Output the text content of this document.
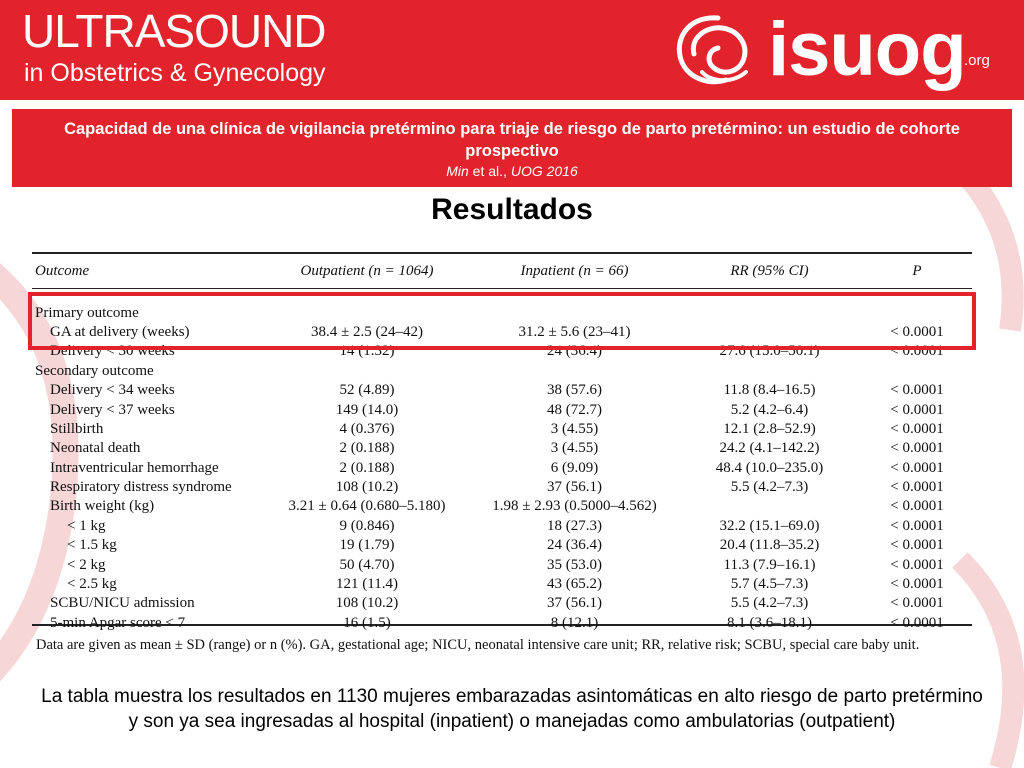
ULTRASOUND
in Obstetrics & Gynecology	isuog
.org
Capacidad de una clínica de vigilancia pretérmino para triaje de riesgo de parto pretérmino: un estudio de cohorte prospectivo
Min et al., UOG 2016
Resultados
Outcome	Outpatient (n = 1064)	Inpatient (n = 66)	RR (95% CI)	P

Primary outcome				
GA at delivery (weeks)	38.4 ± 2.5 (24–42)	31.2 ± 5.6 (23–41)		< 0.0001
Delivery < 30 weeks	14 (1.32)	24 (36.4)	27.6 (15.0–50.1)	< 0.0001
Secondary outcome				
Delivery < 34 weeks	52 (4.89)	38 (57.6)	11.8 (8.4–16.5)	< 0.0001
Delivery < 37 weeks	149 (14.0)	48 (72.7)	5.2 (4.2–6.4)	< 0.0001
Stillbirth	4 (0.376)	3 (4.55)	12.1 (2.8–52.9)	< 0.0001
Neonatal death	2 (0.188)	3 (4.55)	24.2 (4.1–142.2)	< 0.0001
Intraventricular hemorrhage	2 (0.188)	6 (9.09)	48.4 (10.0–235.0)	< 0.0001
Respiratory distress syndrome	108 (10.2)	37 (56.1)	5.5 (4.2–7.3)	< 0.0001
Birth weight (kg)	3.21 ± 0.64 (0.680–5.180)	1.98 ± 2.93 (0.5000–4.562)		< 0.0001
< 1 kg	9 (0.846)	18 (27.3)	32.2 (15.1–69.0)	< 0.0001
< 1.5 kg	19 (1.79)	24 (36.4)	20.4 (11.8–35.2)	< 0.0001
< 2 kg	50 (4.70)	35 (53.0)	11.3 (7.9–16.1)	< 0.0001
< 2.5 kg	121 (11.4)	43 (65.2)	5.7 (4.5–7.3)	< 0.0001
SCBU/NICU admission	108 (10.2)	37 (56.1)	5.5 (4.2–7.3)	< 0.0001
5-min Apgar score < 7	16 (1.5)	8 (12.1)	8.1 (3.6–18.1)	< 0.0001
Data are given as mean ± SD (range) or n (%). GA, gestational age; NICU, neonatal intensive care unit; RR, relative risk; SCBU, special care baby unit.
La tabla muestra los resultados en 1130 mujeres embarazadas asintomáticas en alto riesgo de parto pretérmino y son ya sea ingresadas al hospital (inpatient) o manejadas como ambulatorias (outpatient)
